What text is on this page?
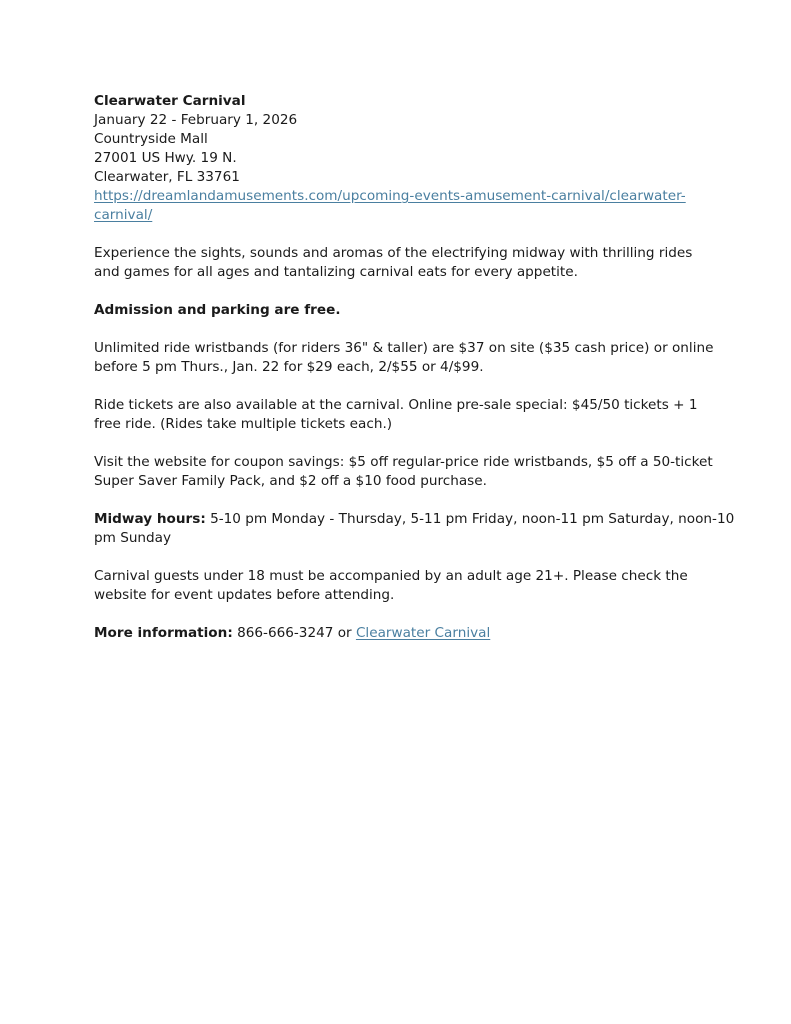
Clearwater Carnival
January 22 - February 1, 2026
Countryside Mall
27001 US Hwy. 19 N.
Clearwater, FL 33761
https://dreamlandamusements.com/upcoming-events-amusement-carnival/clearwater-
carnival/
Experience the sights, sounds and aromas of the electrifying midway with thrilling rides
and games for all ages and tantalizing carnival eats for every appetite.
Admission and parking are free.
Unlimited ride wristbands (for riders 36" & taller) are $37 on site ($35 cash price) or online
before 5 pm Thurs., Jan. 22 for $29 each, 2/$55 or 4/$99.
Ride tickets are also available at the carnival. Online pre-sale special: $45/50 tickets + 1
free ride. (Rides take multiple tickets each.)
Visit the website for coupon savings: $5 off regular-price ride wristbands, $5 off a 50-ticket
Super Saver Family Pack, and $2 off a $10 food purchase.
Midway hours: 5-10 pm Monday - Thursday, 5-11 pm Friday, noon-11 pm Saturday, noon-10
pm Sunday
Carnival guests under 18 must be accompanied by an adult age 21+. Please check the
website for event updates before attending.
More information: 866-666-3247 or Clearwater Carnival
